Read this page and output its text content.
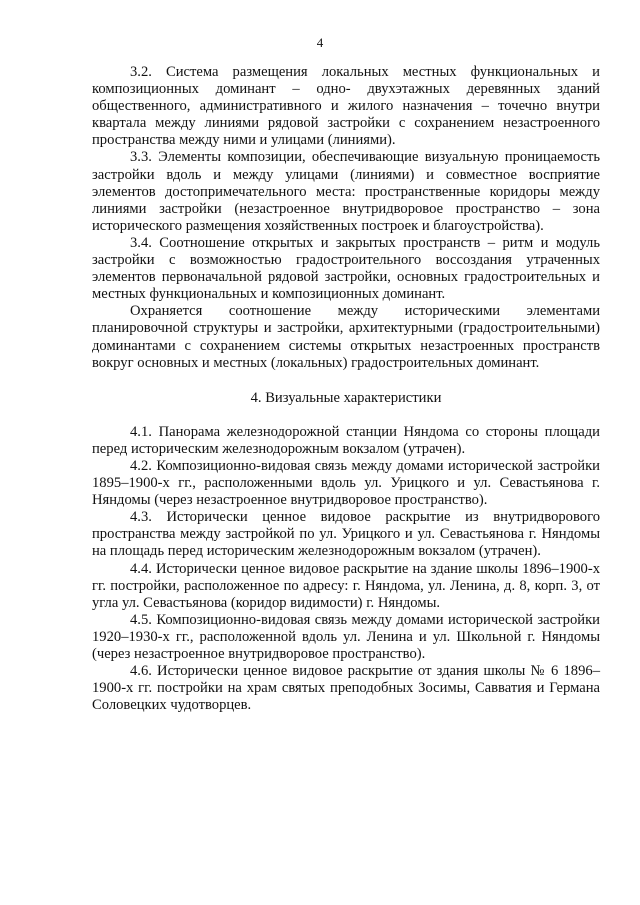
4

3.2. Система размещения локальных местных функциональных и композиционных доминант – одно- двухэтажных деревянных зданий общественного, административного и жилого назначения – точечно внутри квартала между линиями рядовой застройки с сохранением незастроенного пространства между ними и улицами (линиями).

3.3. Элементы композиции, обеспечивающие визуальную проницаемость застройки вдоль и между улицами (линиями) и совместное восприятие элементов достопримечательного места: пространственные коридоры между линиями застройки (незастроенное внутридворовое пространство – зона исторического размещения хозяйственных построек и благоустройства).

3.4. Соотношение открытых и закрытых пространств – ритм и модуль застройки с возможностью градостроительного воссоздания утраченных элементов первоначальной рядовой застройки, основных градостроительных и местных функциональных и композиционных доминант.

Охраняется соотношение между историческими элементами планировочной структуры и застройки, архитектурными (градостроительными) доминантами с сохранением системы открытых незастроенных пространств вокруг основных и местных (локальных) градостроительных доминант.

4. Визуальные характеристики

4.1. Панорама железнодорожной станции Няндома со стороны площади перед историческим железнодорожным вокзалом (утрачен).

4.2. Композиционно-видовая связь между домами исторической застройки 1895–1900-х гг., расположенными вдоль ул. Урицкого и ул. Севастьянова г. Няндомы (через незастроенное внутридворовое пространство).

4.3. Исторически ценное видовое раскрытие из внутридворового пространства между застройкой по ул. Урицкого и ул. Севастьянова г. Няндомы на площадь перед историческим железнодорожным вокзалом (утрачен).

4.4. Исторически ценное видовое раскрытие на здание школы 1896–1900-х гг. постройки, расположенное по адресу: г. Няндома, ул. Ленина, д. 8, корп. 3, от угла ул. Севастьянова (коридор видимости) г. Няндомы.

4.5. Композиционно-видовая связь между домами исторической застройки 1920–1930-х гг., расположенной вдоль ул. Ленина и ул. Школьной г. Няндомы (через незастроенное внутридворовое пространство).

4.6. Исторически ценное видовое раскрытие от здания школы № 6 1896–1900-х гг. постройки на храм святых преподобных Зосимы, Савватия и Германа Соловецких чудотворцев.
